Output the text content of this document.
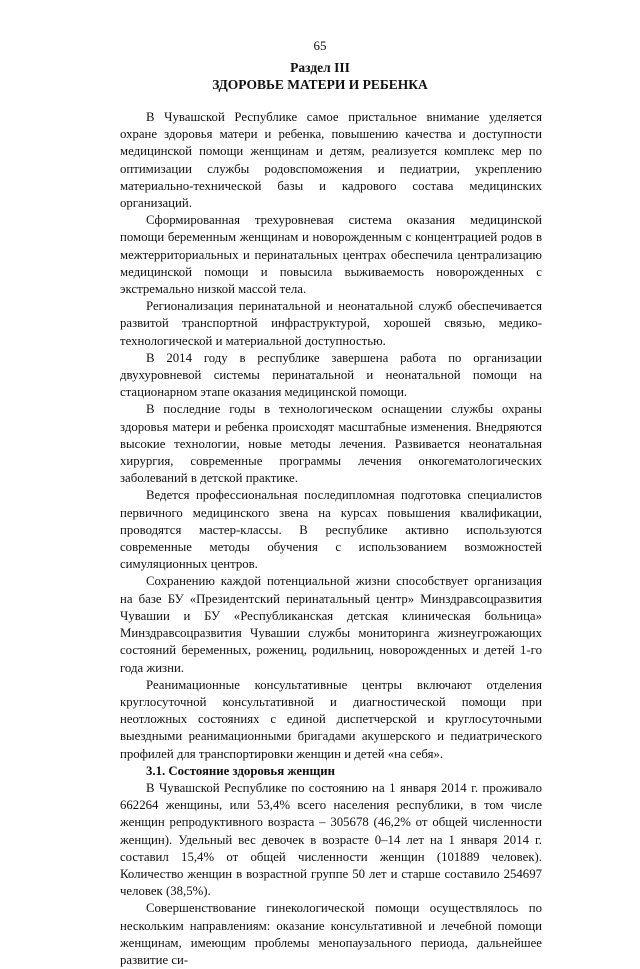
65
Раздел III
ЗДОРОВЬЕ МАТЕРИ И РЕБЕНКА

В Чувашской Республике самое пристальное внимание уделяется охране здоровья матери и ребенка, повышению качества и доступности медицинской помощи женщинам и детям, реализуется комплекс мер по оптимизации службы родовспоможения и педиатрии, укреплению материально-технической базы и кадрового состава медицинских организаций.

Сформированная трехуровневая система оказания медицинской помощи беременным женщинам и новорожденным с концентрацией родов в межтерриториальных и перинатальных центрах обеспечила централизацию медицинской помощи и повысила выживаемость новорожденных с экстремально низкой массой тела.

Регионализация перинатальной и неонатальной служб обеспечивается развитой транспортной инфраструктурой, хорошей связью, медико-технологической и материальной доступностью.

В 2014 году в республике завершена работа по организации двухуровневой системы перинатальной и неонатальной помощи на стационарном этапе оказания медицинской помощи.

В последние годы в технологическом оснащении службы охраны здоровья матери и ребенка происходят масштабные изменения. Внедряются высокие технологии, новые методы лечения. Развивается неонатальная хирургия, современные программы лечения онкогематологических заболеваний в детской практике.

Ведется профессиональная последипломная подготовка специалистов первичного медицинского звена на курсах повышения квалификации, проводятся мастер-классы. В республике активно используются современные методы обучения с использованием возможностей симуляционных центров.

Сохранению каждой потенциальной жизни способствует организация на базе БУ «Президентский перинатальный центр» Минздравсоцразвития Чувашии и БУ «Республиканская детская клиническая больница» Минздравсоцразвития Чувашии службы мониторинга жизнеугрожающих состояний беременных, рожениц, родильниц, новорожденных и детей 1-го года жизни.

Реанимационные консультативные центры включают отделения круглосуточной консультативной и диагностической помощи при неотложных состояниях с единой диспетчерской и круглосуточными выездными реанимационными бригадами акушерского и педиатрического профилей для транспортировки женщин и детей «на себя».

3.1. Состояние здоровья женщин

В Чувашской Республике по состоянию на 1 января 2014 г. проживало 662264 женщины, или 53,4% всего населения республики, в том числе женщин репродуктивного возраста – 305678 (46,2% от общей численности женщин). Удельный вес девочек в возрасте 0–14 лет на 1 января 2014 г. составил 15,4% от общей численности женщин (101889 человек). Количество женщин в возрастной группе 50 лет и старше составило 254697 человек (38,5%).

Совершенствование гинекологической помощи осуществлялось по нескольким направлениям: оказание консультативной и лечебной помощи женщинам, имеющим проблемы менопаузального периода, дальнейшее развитие си-
